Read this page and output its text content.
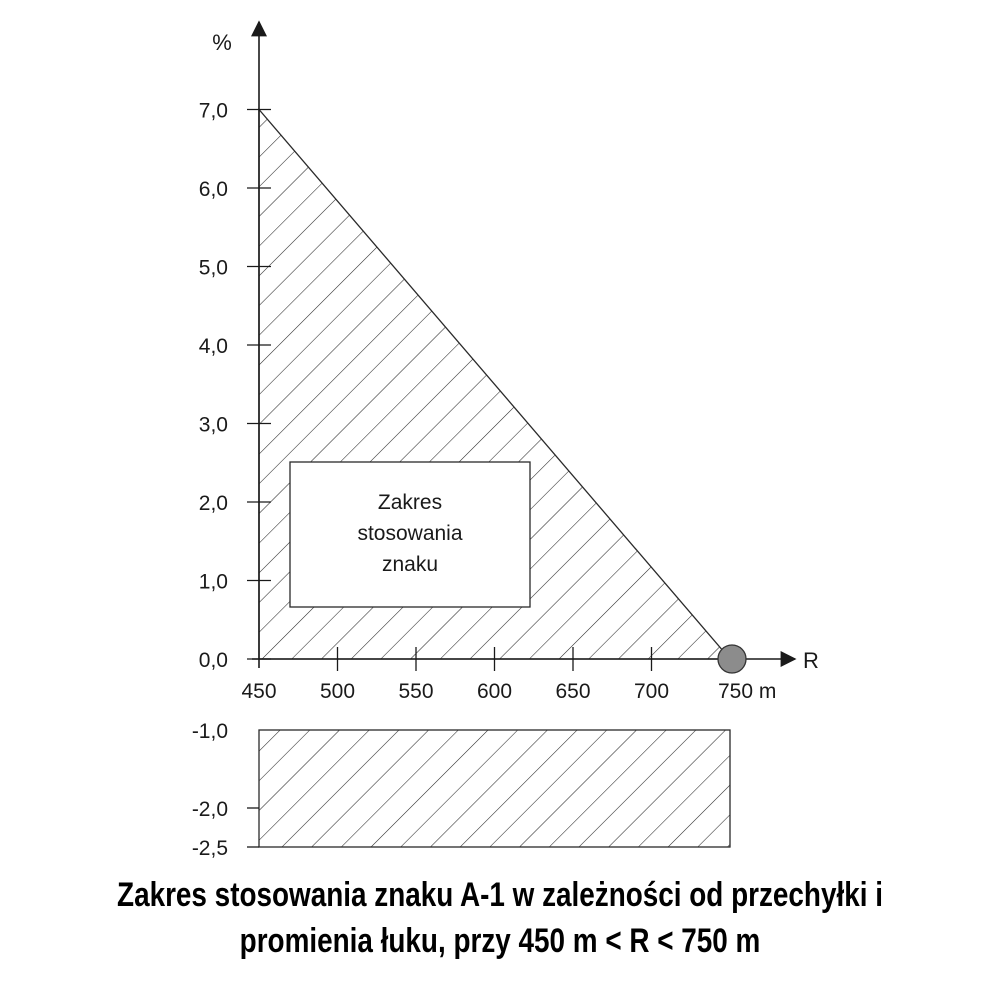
Zakres stosowania znaku
%
R
7,0
6,0
5,0
4,0
3,0
2,0
1,0
0,0
-1,0
-2,0
-2,5
450 500 550 600 650 700 750 m
Zakres stosowania znaku A-1 w zależności od przechyłki i
promienia łuku, przy 450 m < R < 750 m
